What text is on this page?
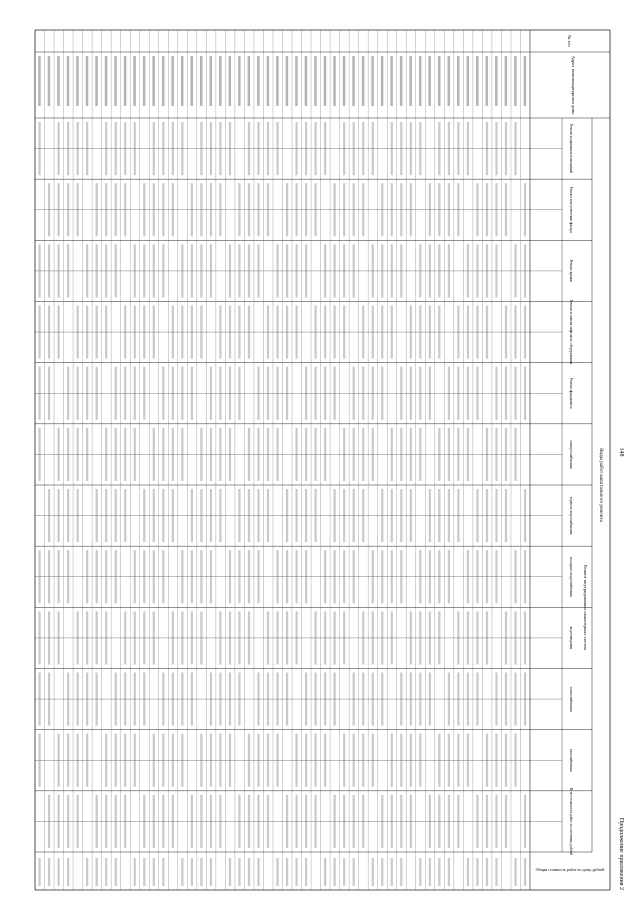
148
Продолжение приложения 2
№ п/п
Адрес многоквартирного дома
Виды работ капитального ремонта
Общая стоимость работ по дому, рублей
Ремонт внутридомовых инженерных систем
Ремонт подвальных помещений
Ремонт или утепление фасада
Ремонт крыши
Ремонт и замена лифтового оборудования
Ремонт фундамента
электроснабжения
горячего водоснабжения
холодного водоснабжения
водоотведения
теплоснабжения
газоснабжения
Всего стоимость работ по системам, рублей
